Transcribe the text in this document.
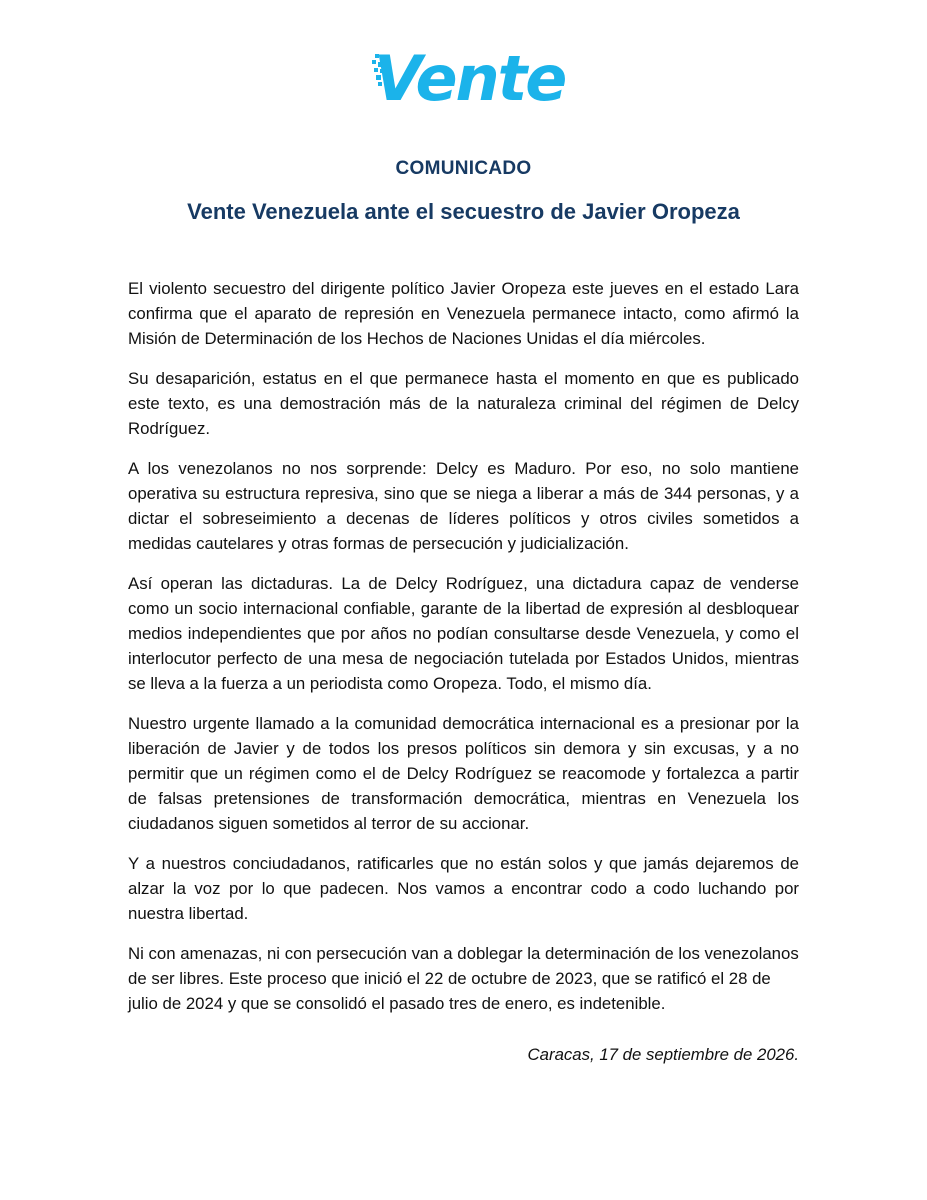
Vente
COMUNICADO
Vente Venezuela ante el secuestro de Javier Oropeza

El violento secuestro del dirigente político Javier Oropeza este jueves en el estado Lara confirma que el aparato de represión en Venezuela permanece intacto, como afirmó la Misión de Determinación de los Hechos de Naciones Unidas el día miércoles.

Su desaparición, estatus en el que permanece hasta el momento en que es publicado este texto, es una demostración más de la naturaleza criminal del régimen de Delcy Rodríguez.

A los venezolanos no nos sorprende: Delcy es Maduro. Por eso, no solo mantiene operativa su estructura represiva, sino que se niega a liberar a más de 344 personas, y a dictar el sobreseimiento a decenas de líderes políticos y otros civiles sometidos a medidas cautelares y otras formas de persecución y judicialización.

Así operan las dictaduras. La de Delcy Rodríguez, una dictadura capaz de venderse como un socio internacional confiable, garante de la libertad de expresión al desbloquear medios independientes que por años no podían consultarse desde Venezuela, y como el interlocutor perfecto de una mesa de negociación tutelada por Estados Unidos, mientras se lleva a la fuerza a un periodista como Oropeza. Todo, el mismo día.

Nuestro urgente llamado a la comunidad democrática internacional es a presionar por la liberación de Javier y de todos los presos políticos sin demora y sin excusas, y a no permitir que un régimen como el de Delcy Rodríguez se reacomode y fortalezca a partir de falsas pretensiones de transformación democrática, mientras en Venezuela los ciudadanos siguen sometidos al terror de su accionar.

Y a nuestros conciudadanos, ratificarles que no están solos y que jamás dejaremos de alzar la voz por lo que padecen. Nos vamos a encontrar codo a codo luchando por nuestra libertad.

Ni con amenazas, ni con persecución van a doblegar la determinación de los venezolanos de ser libres. Este proceso que inició el 22 de octubre de 2023, que se ratificó el 28 de julio de 2024 y que se consolidó el pasado tres de enero, es indetenible.

Caracas, 17 de septiembre de 2026.
